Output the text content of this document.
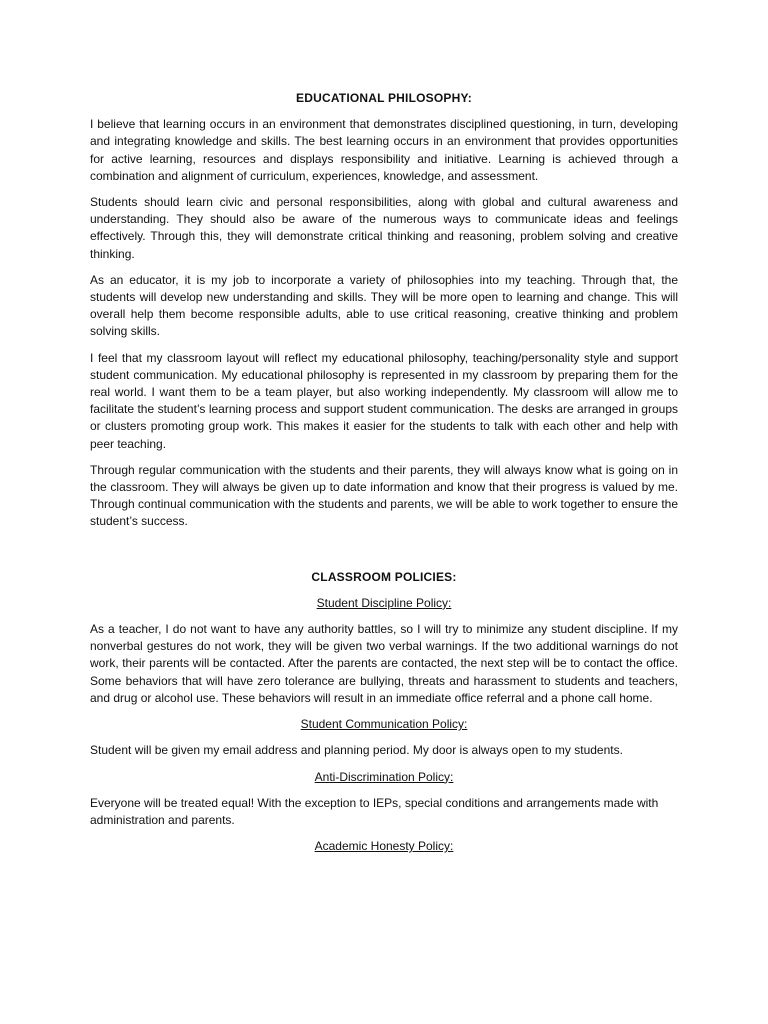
EDUCATIONAL PHILOSOPHY:

I believe that learning occurs in an environment that demonstrates disciplined questioning, in turn, developing and integrating knowledge and skills. The best learning occurs in an environment that provides opportunities for active learning, resources and displays responsibility and initiative. Learning is achieved through a combination and alignment of curriculum, experiences, knowledge, and assessment.

Students should learn civic and personal responsibilities, along with global and cultural awareness and understanding. They should also be aware of the numerous ways to communicate ideas and feelings effectively. Through this, they will demonstrate critical thinking and reasoning, problem solving and creative thinking.

As an educator, it is my job to incorporate a variety of philosophies into my teaching. Through that, the students will develop new understanding and skills. They will be more open to learning and change. This will overall help them become responsible adults, able to use critical reasoning, creative thinking and problem solving skills.

I feel that my classroom layout will reflect my educational philosophy, teaching/personality style and support student communication. My educational philosophy is represented in my classroom by preparing them for the real world. I want them to be a team player, but also working independently. My classroom will allow me to facilitate the student’s learning process and support student communication. The desks are arranged in groups or clusters promoting group work. This makes it easier for the students to talk with each other and help with peer teaching.

Through regular communication with the students and their parents, they will always know what is going on in the classroom. They will always be given up to date information and know that their progress is valued by me. Through continual communication with the students and parents, we will be able to work together to ensure the student’s success.

CLASSROOM POLICIES:
Student Discipline Policy:

As a teacher, I do not want to have any authority battles, so I will try to minimize any student discipline. If my nonverbal gestures do not work, they will be given two verbal warnings. If the two additional warnings do not work, their parents will be contacted. After the parents are contacted, the next step will be to contact the office. Some behaviors that will have zero tolerance are bullying, threats and harassment to students and teachers, and drug or alcohol use. These behaviors will result in an immediate office referral and a phone call home.

Student Communication Policy:

Student will be given my email address and planning period. My door is always open to my students.

Anti-Discrimination Policy:

Everyone will be treated equal! With the exception to IEPs, special conditions and arrangements made with administration and parents.

Academic Honesty Policy:
